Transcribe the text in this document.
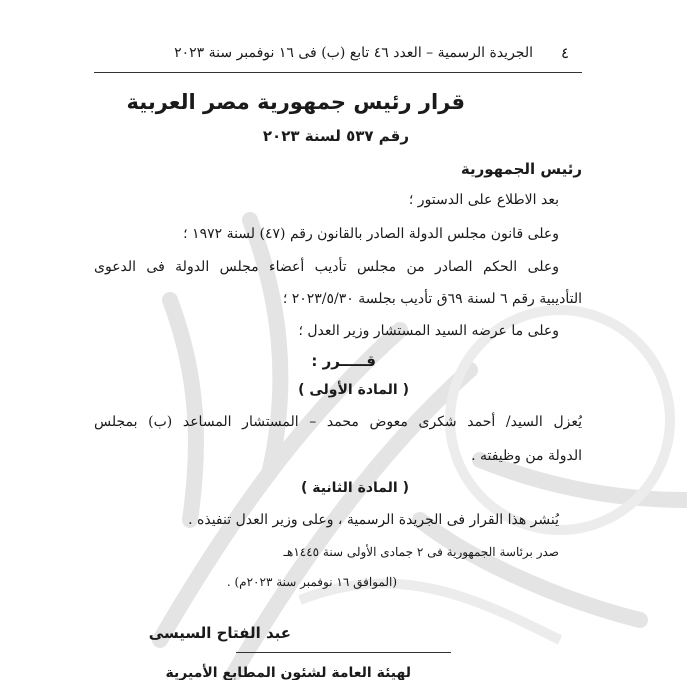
٤
الجريدة الرسمية – العدد ٤٦ تابع (ب) فى ١٦ نوفمبر سنة ٢٠٢٣
قرار رئيس جمهورية مصر العربية
رقم ٥٣٧ لسنة ٢٠٢٣
رئيس الجمهورية
بعد الاطلاع على الدستور ؛
وعلى قانون مجلس الدولة الصادر بالقانون رقم (٤٧) لسنة ١٩٧٢ ؛
وعلى الحكم الصادر من مجلس تأديب أعضاء مجلس الدولة فى الدعوى
التأديبية رقم ٦ لسنة ٦٩ق تأديب بجلسة ٢٠٢٣/٥/٣٠ ؛
وعلى ما عرضه السيد المستشار وزير العدل ؛
قـــــرر :
( المادة الأولى )
يُعزل السيد/ أحمد شكرى معوض محمد – المستشار المساعد (ب) بمجلس
الدولة من وظيفته .
( المادة الثانية )
يُنشر هذا القرار فى الجريدة الرسمية ، وعلى وزير العدل تنفيذه .
صدر برئاسة الجمهورية فى ٢ جمادى الأولى سنة ١٤٤٥هـ
(الموافق ١٦ نوفمبر سنة ٢٠٢٣م) .
عبد الفتاح السيسى
لهيئة العامة لشئون المطابع الأميرية
